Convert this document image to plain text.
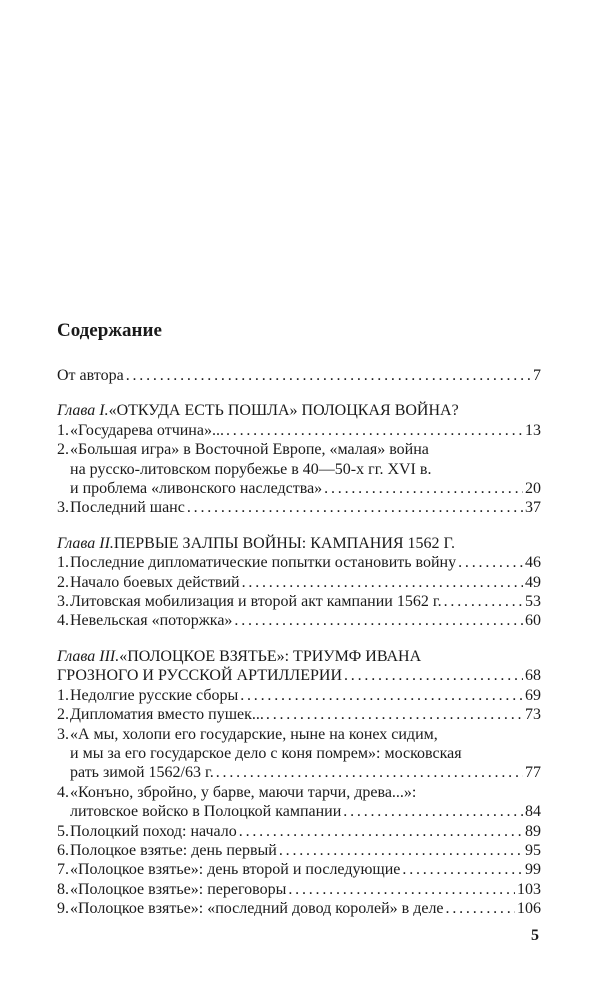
Содержание
От автора . . .	7
Глава I. «ОТКУДА ЕСТЬ ПОШЛА» ПОЛОЦКАЯ ВОЙНА?
1. «Государева отчина»... . . .	13
2. «Большая игра» в Восточной Европе, «малая» война
на русско-литовском порубежье в 40—50-х гг. XVI в.
и проблема «ливонского наследства» . . .	20
3. Последний шанс . . .	37
Глава II. ПЕРВЫЕ ЗАЛПЫ ВОЙНЫ: КАМПАНИЯ 1562 Г.
1. Последние дипломатические попытки остановить войну . . .	46
2. Начало боевых действий . . .	49
3. Литовская мобилизация и второй акт кампании 1562 г. . . .	53
4. Невельская «поторжка» . . .	60
Глава III. «ПОЛОЦКОЕ ВЗЯТЬЕ»: ТРИУМФ ИВАНА
ГРОЗНОГО И РУССКОЙ АРТИЛЛЕРИИ . . .	68
1. Недолгие русские сборы . . .	69
2. Дипломатия вместо пушек... . . .	73
3. «А мы, холопи его государские, ныне на конех сидим,
и мы за его государское дело с коня помрем»: московская
рать зимой 1562/63 г. . . .	77
4. «Конъно, збройно, у барве, маючи тарчи, древа...»:
литовское войско в Полоцкой кампании . . .	84
5. Полоцкий поход: начало . . .	89
6. Полоцкое взятье: день первый . . .	95
7. «Полоцкое взятье»: день второй и последующие . . .	99
8. «Полоцкое взятье»: переговоры . . .	103
9. «Полоцкое взятье»: «последний довод королей» в деле . . .	106
5
